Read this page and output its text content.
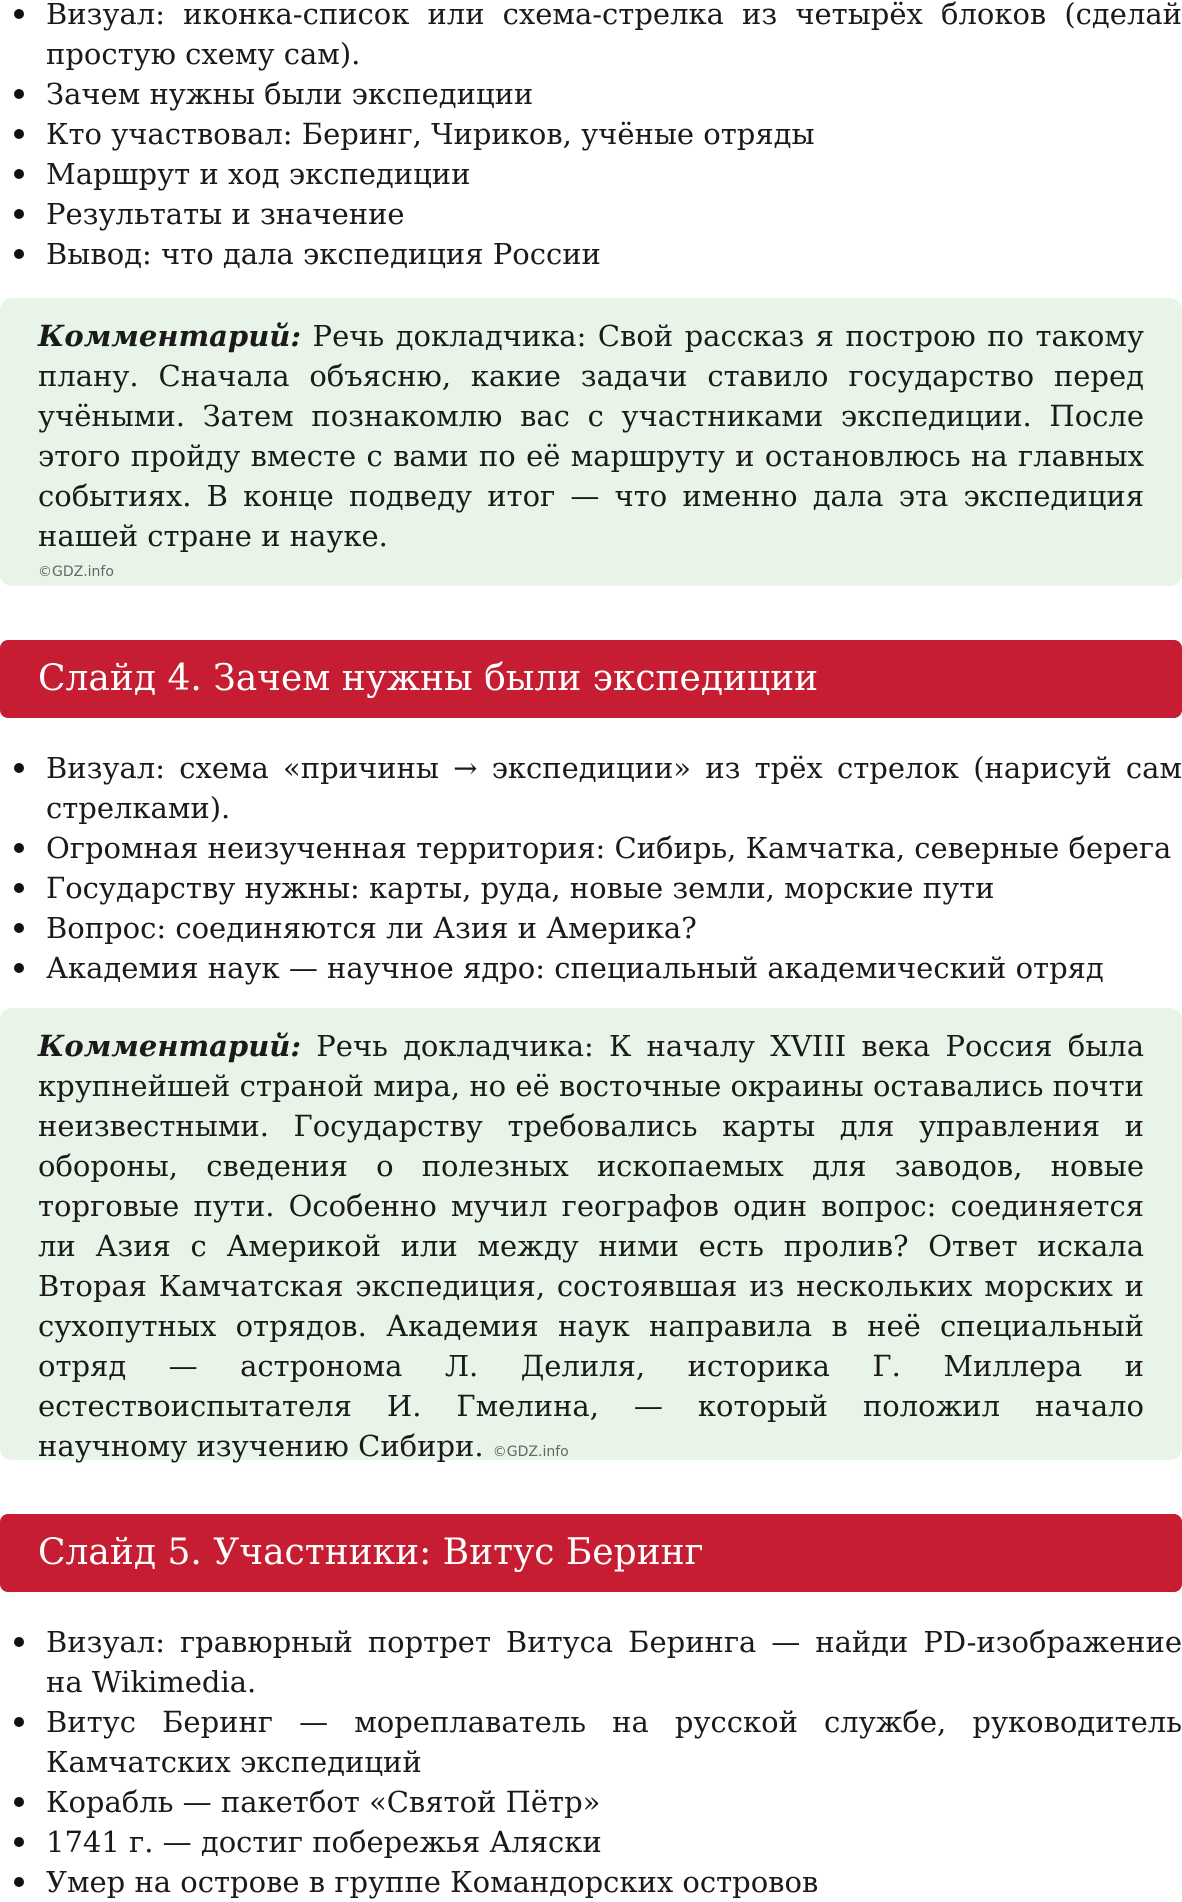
Визуал: иконка-список или схема-стрелка из четырёх блоков (сделай простую схему сам).
Зачем нужны были экспедиции
Кто участвовал: Беринг, Чириков, учёные отряды
Маршрут и ход экспедиции
Результаты и значение
Вывод: что дала экспедиция России
Комментарий: Речь докладчика: Свой рассказ я построю по такому плану. Сначала объясню, какие задачи ставило государство перед учёными. Затем познакомлю вас с участниками экспедиции. После этого пройду вместе с вами по её маршруту и остановлюсь на главных событиях. В конце подведу итог — что именно дала эта экспедиция нашей стране и науке.
©GDZ.info
Слайд 4. Зачем нужны были экспедиции
Визуал: схема «причины → экспедиции» из трёх стрелок (нарисуй сам стрелками).
Огромная неизученная территория: Сибирь, Камчатка, северные берега
Государству нужны: карты, руда, новые земли, морские пути
Вопрос: соединяются ли Азия и Америка?
Академия наук — научное ядро: специальный академический отряд
Комментарий: Речь докладчика: К началу XVIII века Россия была крупнейшей страной мира, но её восточные окраины оставались почти неизвестными. Государству требовались карты для управления и обороны, сведения о полезных ископаемых для заводов, новые торговые пути. Особенно мучил географов один вопрос: соединяется ли Азия с Америкой или между ними есть пролив? Ответ искала Вторая Камчатская экспедиция, состоявшая из нескольких морских и сухопутных отрядов. Академия наук направила в неё специальный отряд — астронома Л. Делиля, историка Г. Миллера и естествоиспытателя И. Гмелина, — который положил начало научному изучению Сибири. ©GDZ.info
Слайд 5. Участники: Витус Беринг
Визуал: гравюрный портрет Витуса Беринга — найди PD-изображение на Wikimedia.
Витус Беринг — мореплаватель на русской службе, руководитель Камчатских экспедиций
Корабль — пакетбот «Святой Пётр»
1741 г. — достиг побережья Аляски
Умер на острове в группе Командорских островов
